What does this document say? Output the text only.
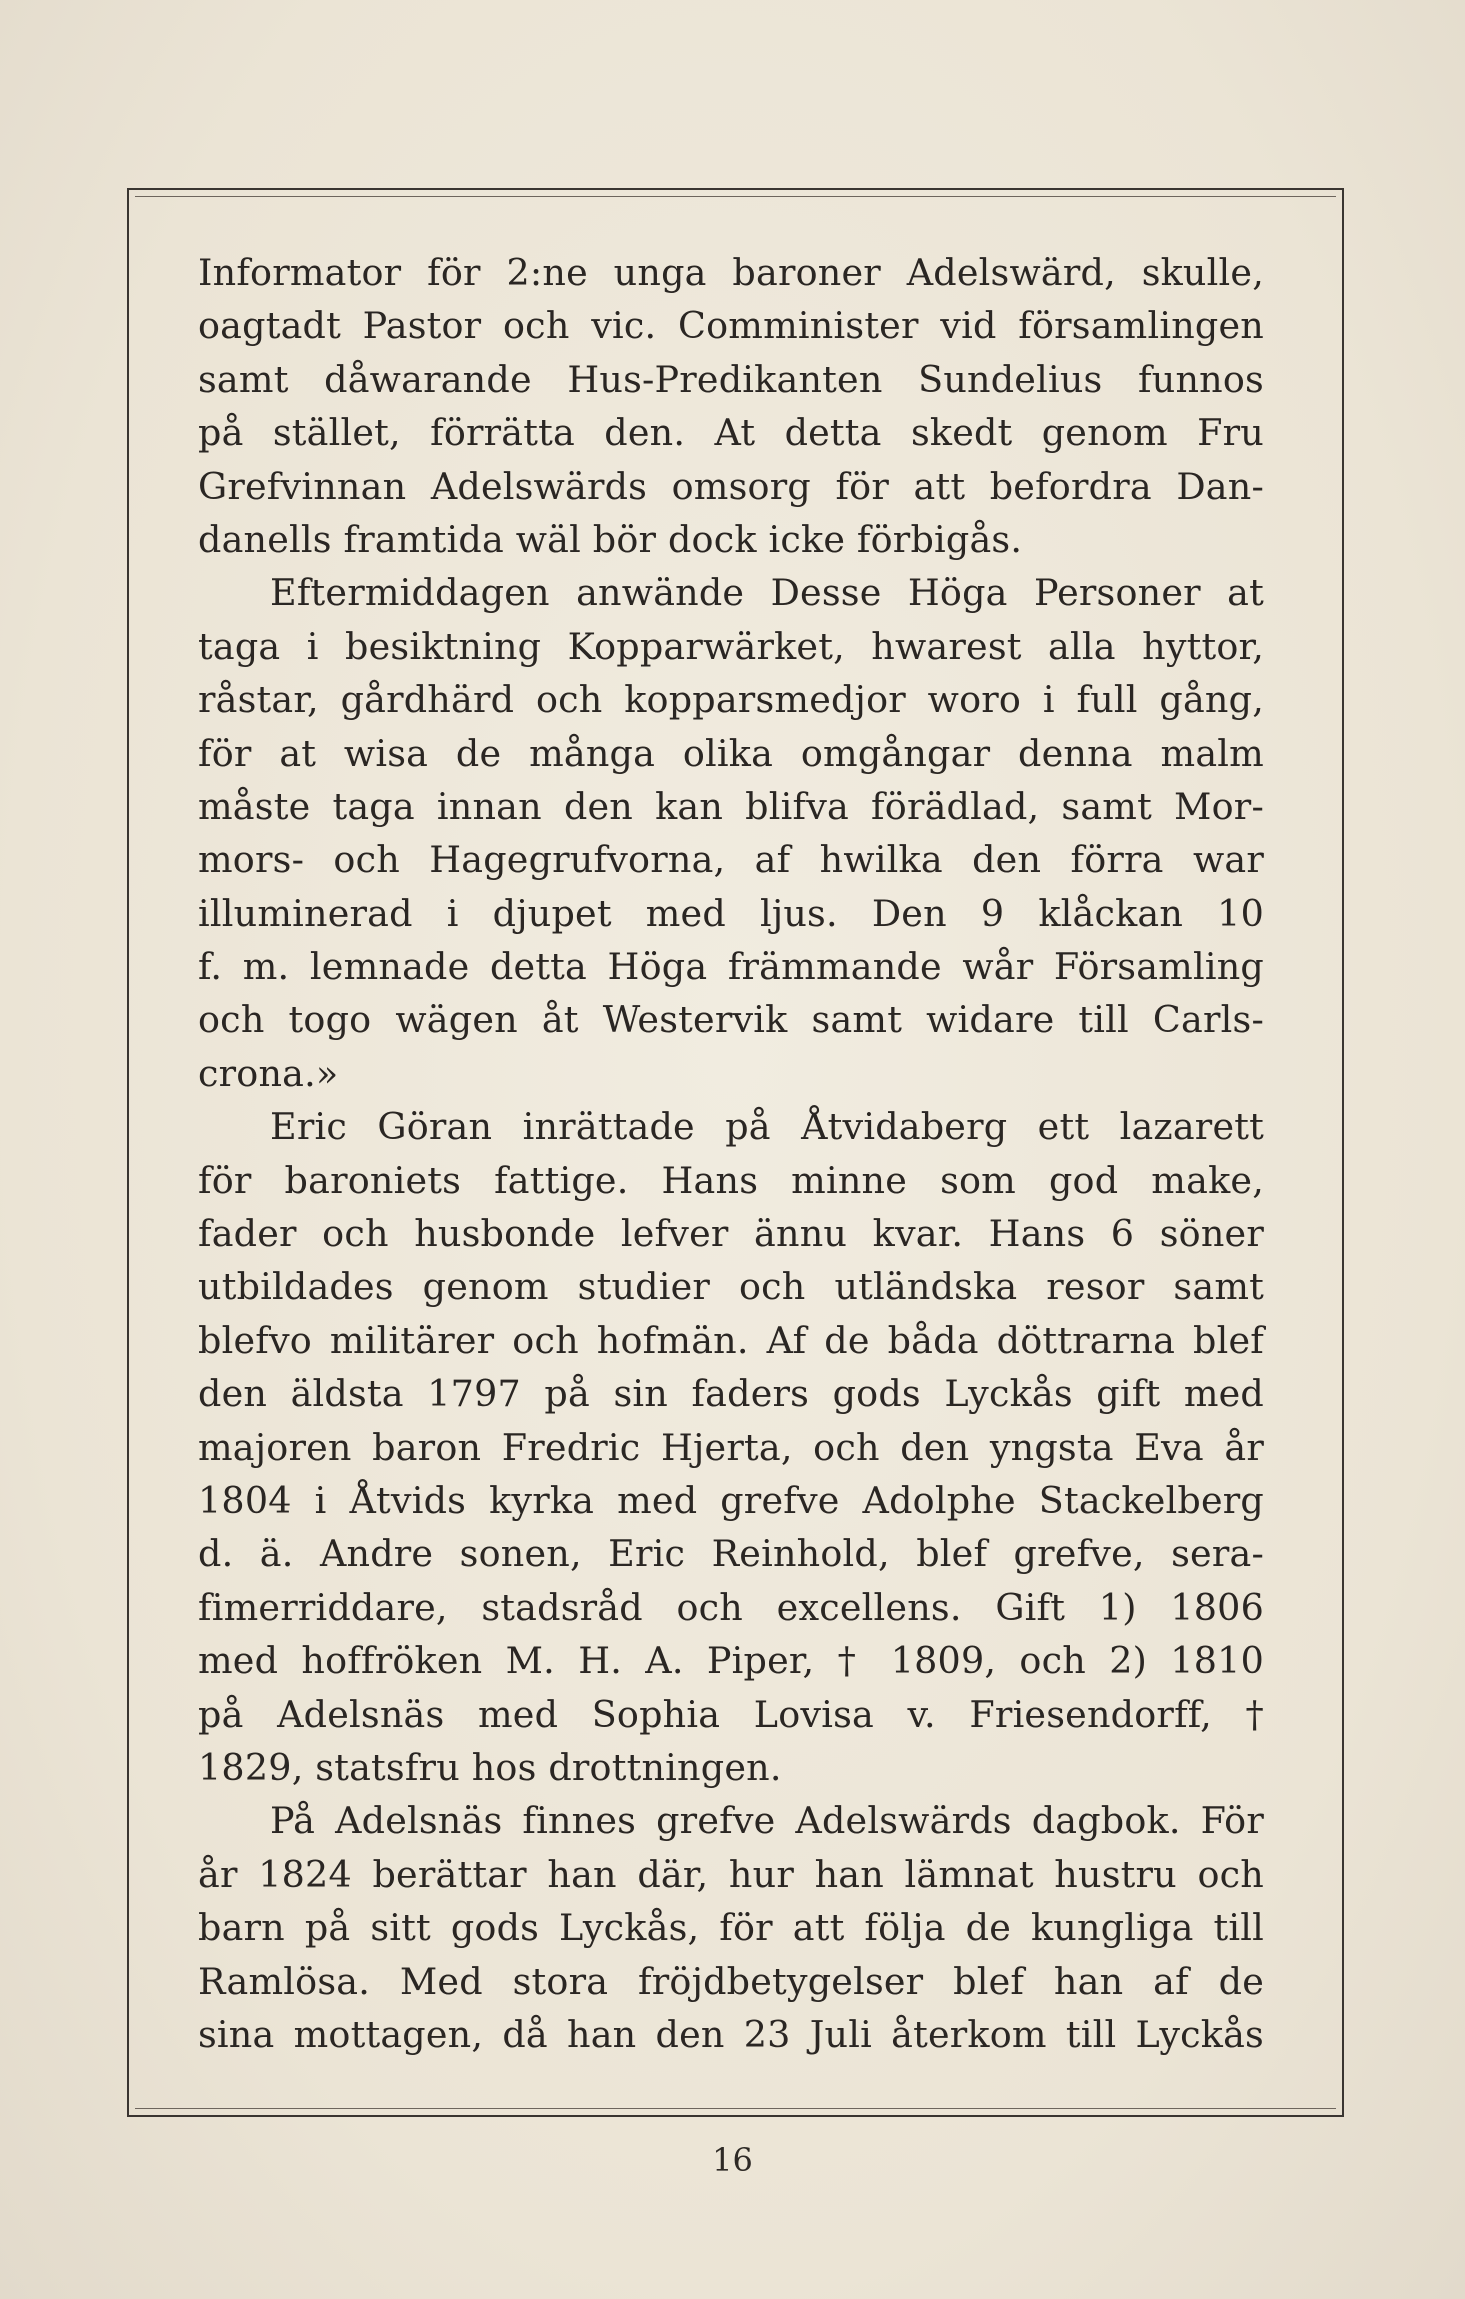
Informator för 2:ne unga baroner Adelswärd, skulle,
oagtadt Pastor och vic. Comminister vid församlingen
samt dåwarande Hus-Predikanten Sundelius funnos
på stället, förrätta den. At detta skedt genom Fru
Grefvinnan Adelswärds omsorg för att befordra Dan-
danells framtida wäl bör dock icke förbigås.
Eftermiddagen anwände Desse Höga Personer at
taga i besiktning Kopparwärket, hwarest alla hyttor,
råstar, gårdhärd och kopparsmedjor woro i full gång,
för at wisa de många olika omgångar denna malm
måste taga innan den kan blifva förädlad, samt Mor-
mors- och Hagegrufvorna, af hwilka den förra war
illuminerad i djupet med ljus. Den 9 klåckan 10
f. m. lemnade detta Höga främmande wår Församling
och togo wägen åt Westervik samt widare till Carls-
crona.»
Eric Göran inrättade på Åtvidaberg ett lazarett
för baroniets fattige. Hans minne som god make,
fader och husbonde lefver ännu kvar. Hans 6 söner
utbildades genom studier och utländska resor samt
blefvo militärer och hofmän. Af de båda döttrarna blef
den äldsta 1797 på sin faders gods Lyckås gift med
majoren baron Fredric Hjerta, och den yngsta Eva år
1804 i Åtvids kyrka med grefve Adolphe Stackelberg
d. ä. Andre sonen, Eric Reinhold, blef grefve, sera-
fimerriddare, stadsråd och excellens. Gift 1) 1806
med hoffröken M. H. A. Piper, † 1809, och 2) 1810
på Adelsnäs med Sophia Lovisa v. Friesendorff, †
1829, statsfru hos drottningen.
På Adelsnäs finnes grefve Adelswärds dagbok. För
år 1824 berättar han där, hur han lämnat hustru och
barn på sitt gods Lyckås, för att följa de kungliga till
Ramlösa. Med stora fröjdbetygelser blef han af de
sina mottagen, då han den 23 Juli återkom till Lyckås
16
